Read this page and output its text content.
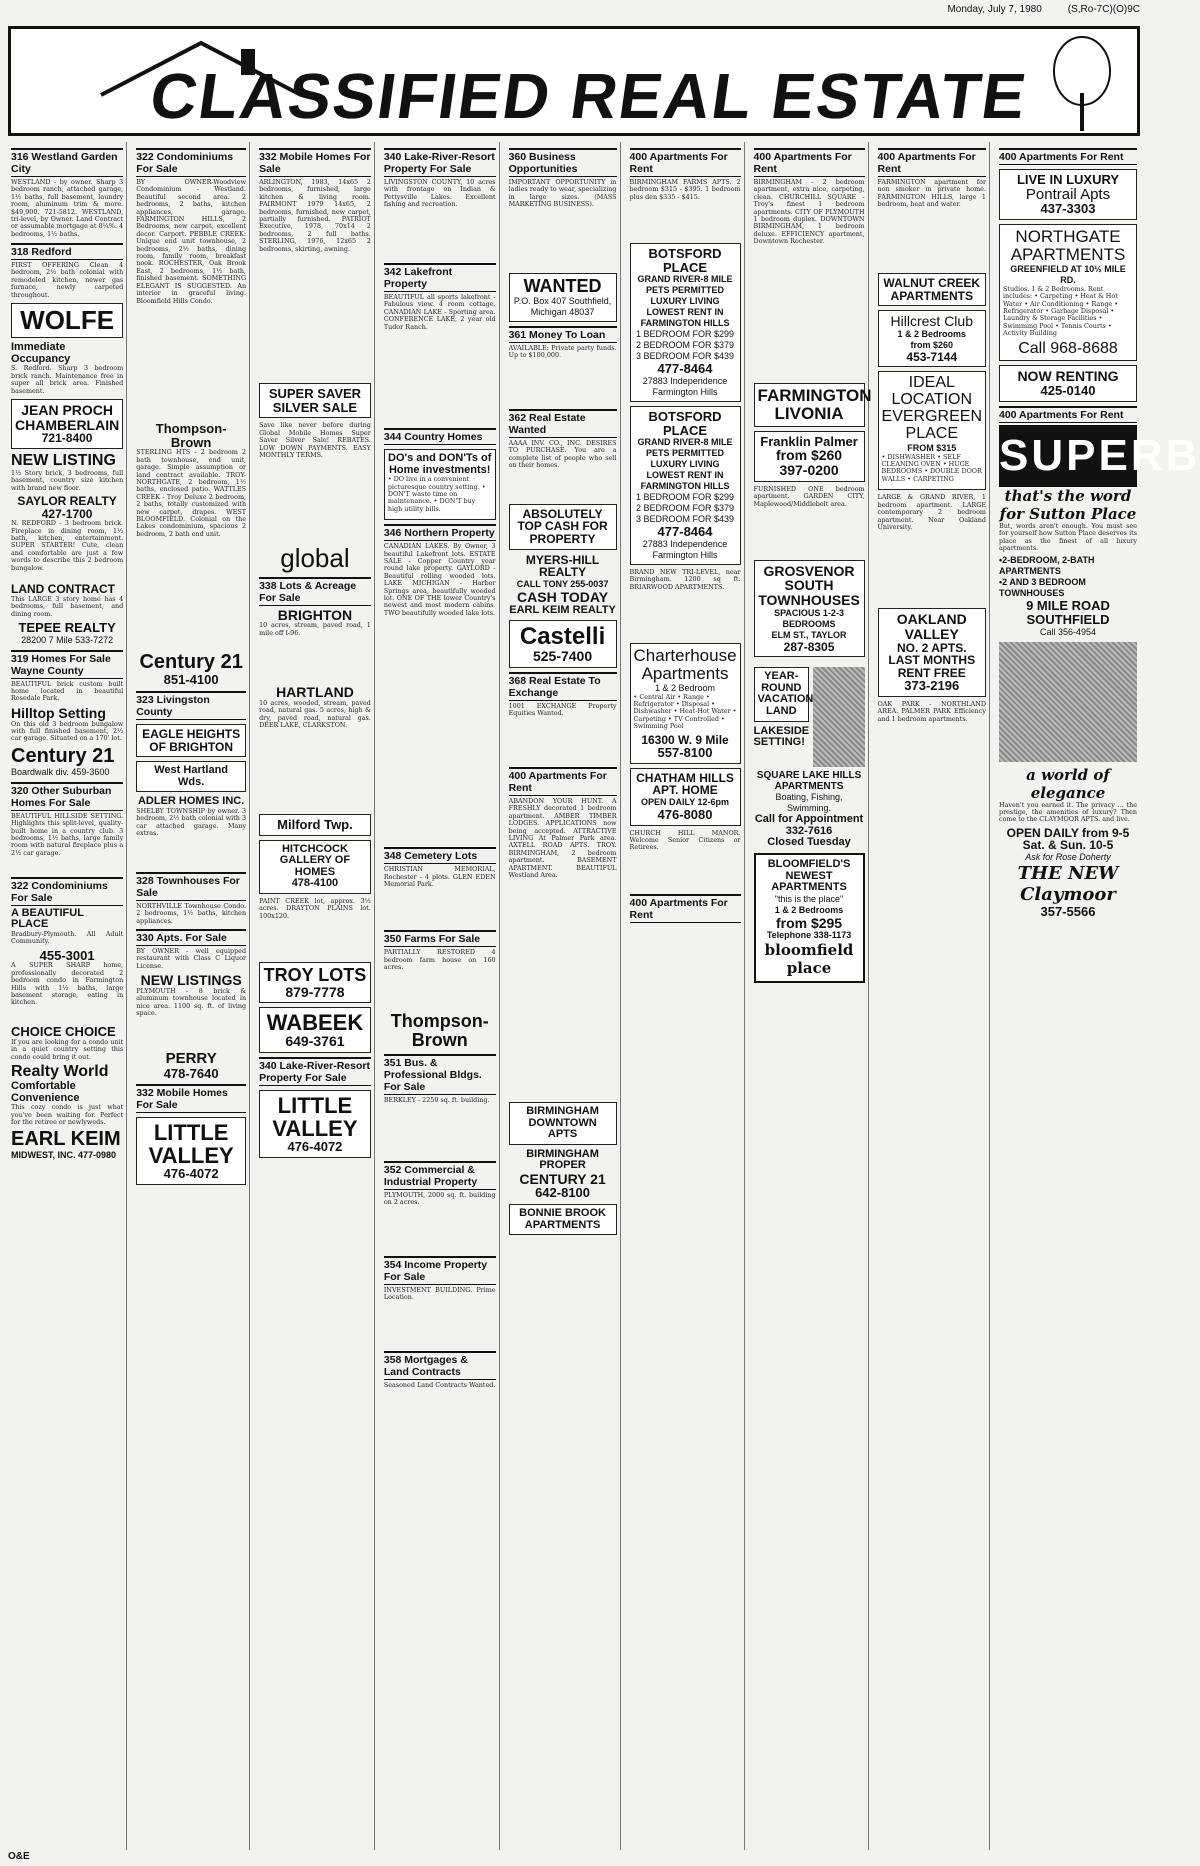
Monday, July 7, 1980	(S,Ro-7C)(O)9C
CLASSIFIED REAL ESTATE
316 Westland Garden City
WESTLAND - by owner. Sharp 3 bedroom ranch, attached garage, 1½ baths, full basement, laundry room, aluminum trim & more. $49,900. 721-5812. WESTLAND, tri-level, by Owner. Land Contract or assumable mortgage at 8¼%. 4 bedrooms, 1½ baths.
318 Redford
FIRST OFFERING Clean 4 bedroom, 2½ bath colonial with remodeled kitchen, newer gas furnace, newly carpeted throughout.
WOLFE
Immediate Occupancy
S. Redford. Sharp 3 bedroom brick ranch. Maintenance free in super all brick area. Finished basement.
JEAN PROCH CHAMBERLAIN
721-8400
NEW LISTING
1½ Story brick, 3 bedrooms, full basement, country size kitchen with brand new floor.
SAYLOR REALTY
427-1700
N. REDFORD - 3 bedroom brick. Fireplace in dining room, 1½ bath, kitchen, entertainment. SUPER STARTER! Cute, clean and comfortable are just a few words to describe this 2 bedroom bungalow.
LAND CONTRACT
This LARGE 3 story home has 4 bedrooms, full basement, and dining room.
TEPEE REALTY
28200 7 Mile 533-7272
319 Homes For Sale Wayne County
BEAUTIFUL brick custom built home located in beautiful Rosedale Park.
Hilltop Setting
On this old 3 bedroom bungalow with full finished basement, 2½ car garage. Situated on a 170' lot.
Century 21
Boardwalk div. 459-3600
320 Other Suburban Homes For Sale
BEAUTIFUL HILLSIDE SETTING. Highlights this split-level, quality-built home in a country club. 3 bedrooms, 1½ baths, large family room with natural fireplace plus a 2½ car garage.
322 Condominiums For Sale
A BEAUTIFUL PLACE
Bradbury-Plymouth. All Adult Community.
455-3001
A SUPER SHARP home, professionally decorated 2 bedroom condo in Farmington Hills with 1½ baths, large basement storage, eating in kitchen.
CHOICE CHOICE
If you are looking for a condo unit in a quiet country setting this condo could bring it out.
Realty World
Comfortable Convenience
This cozy condo is just what you've been waiting for. Perfect for the retiree or newlyweds.
EARL KEIM
MIDWEST, INC. 477-0980
322 Condominiums For Sale
BY OWNER-Woodview Condominium - Westland. Beautiful second area. 2 bedrooms, 2 baths, kitchen appliances, garage. FARMINGTON HILLS, 2 Bedrooms, new carpet, excellent decor. Carport. PEBBLE CREEK: Unique end unit townhouse, 2 bedrooms, 2½ baths, dining room, family room, breakfast nook. ROCHESTER, Oak Brook East, 2 bedrooms, 1½ bath, finished basement. SOMETHING ELEGANT IS SUGGESTED. An interior in graceful living. Bloomfield Hills Condo.
Thompson-Brown
STERLING HTS - 2 bedroom 2 bath townhouse, end unit, garage. Simple assumption or land contract available. TROY-NORTHGATE, 2 bedroom, 1½ baths, enclosed patio. WATTLES CREEK - Troy Deluxe 2 bedroom, 2 baths, totally customized with new carpet, drapes. WEST BLOOMFIELD. Colonial on the Lakes condominium, spacious 2 bedroom, 2 bath end unit.
Century 21
851-4100
323 Livingston County
EAGLE HEIGHTS OF BRIGHTON
West Hartland Wds.
ADLER HOMES INC.
SHELBY TOWNSHIP by owner. 3 bedroom, 2½ bath colonial with 3 car attached garage. Many extras.
328 Townhouses For Sale
NORTHVILLE Townhouse Condo. 2 bedrooms, 1½ baths, kitchen appliances.
330 Apts. For Sale
BY OWNER - well equipped restaurant with Class C Liquor License.
NEW LISTINGS
PLYMOUTH - 8 brick & aluminum townhouse located in nice area. 1100 sq. ft. of living space.
PERRY
478-7640
332 Mobile Homes For Sale
LITTLE VALLEY
476-4072
332 Mobile Homes For Sale
ARLINGTON, 1983, 14x65 2 bedrooms, furnished, large kitchen & living room. FAIRMONT 1979 14x65, 2 bedrooms, furnished, new carpet, partially furnished. PATRIOT Executive, 1978, 70x14 2 bedrooms, 2 full baths. STERLING, 1976, 12x65 2 bedrooms, skirting, awning.
SUPER SAVER SILVER SALE
Save like never before during Global Mobile Homes Super Saver Silver Sale! REBATES. LOW DOWN PAYMENTS. EASY MONTHLY TERMS.
global
338 Lots & Acreage For Sale
BRIGHTON
10 acres, stream, paved road, 1 mile off I-96.
HARTLAND
10 acres, wooded, stream, paved road, natural gas. 5 acres, high & dry, paved road, natural gas. DEER LAKE, CLARKSTON.
Milford Twp.
HITCHCOCK GALLERY OF HOMES
478-4100
PAINT CREEK lot, approx. 3½ acres. DRAYTON PLAINS lot. 100x120.
TROY LOTS
879-7778
WABEEK
649-3761
340 Lake-River-Resort Property For Sale
LITTLE VALLEY
476-4072
340 Lake-River-Resort Property For Sale
LIVINGSTON COUNTY, 10 acres with frontage on Indian & Pettysville Lakes. Excellent fishing and recreation.
342 Lakefront Property
BEAUTIFUL all sports lakefront - Fabulous view. 4 room cottage. CANADIAN LAKE - Sporting area. CONFERENCE LAKE, 2 year old Tudor Ranch.
344 Country Homes
DO's and DON'Ts of Home investments!
• DO live in a convenient picturesque country setting. • DON'T waste time on maintenance. • DON'T buy high utility bills.
346 Northern Property
CANADIAN LAKES. By Owner, 3 beautiful Lakefront lots. ESTATE SALE - Copper Country year round lake property. GAYLORD - Beautiful rolling wooded lots. LAKE MICHIGAN - Harbor Springs area, beautifully wooded lot. ONE OF THE lower Country's newest and most modern cabins. TWO beautifully wooded lake lots.
348 Cemetery Lots
CHRISTIAN MEMORIAL, Rochester - 4 plots. GLEN EDEN Memorial Park.
350 Farms For Sale
PARTIALLY RESTORED 4 bedroom farm house on 160 acres.
Thompson-Brown
351 Bus. & Professional Bldgs. For Sale
BERKLEY - 2250 sq. ft. building.
352 Commercial & Industrial Property
PLYMOUTH, 2000 sq. ft. building on 2 acres.
354 Income Property For Sale
INVESTMENT BUILDING. Prime Location.
358 Mortgages & Land Contracts
Seasoned Land Contracts Wanted.
360 Business Opportunities
IMPORTANT OPPORTUNITY in ladies ready to wear, specializing in large sizes. (MASS MARKETING BUSINESS).
WANTED
P.O. Box 407 Southfield, Michigan 48037
361 Money To Loan
AVAILABLE: Private party funds. Up to $100,000.
362 Real Estate Wanted
AAAA INV. CO., INC. DESIRES TO PURCHASE. You are a complete list of people who sell on their homes.
ABSOLUTELY TOP CASH FOR PROPERTY
MYERS-HILL REALTY
CALL TONY 255-0037
CASH TODAY
EARL KEIM REALTY
Castelli
525-7400
368 Real Estate To Exchange
1001 EXCHANGE Property Equities Wanted.
400 Apartments For Rent
ABANDON YOUR HUNT. A FRESHLY decorated 1 bedroom apartment. AMBER TIMBER LODGES. APPLICATIONS now being accepted. ATTRACTIVE LIVING At Palmer Park area. AXTELL ROAD APTS. TROY. BIRMINGHAM, 2 bedroom apartment. BASEMENT APARTMENT. BEAUTIFUL Westland Area.
BIRMINGHAM DOWNTOWN APTS
BIRMINGHAM PROPER
CENTURY 21
642-8100
BONNIE BROOK APARTMENTS
400 Apartments For Rent
BIRMINGHAM FARMS APTS. 2 bedroom $315 - $395. 1 bedroom plus den $335 - $415.
BOTSFORD PLACE
GRAND RIVER-8 MILE
PETS PERMITTED LUXURY LIVING LOWEST RENT IN FARMINGTON HILLS
1 BEDROOM FOR $299
2 BEDROOM FOR $379
3 BEDROOM FOR $439
477-8464
27883 Independence Farmington Hills
BOTSFORD PLACE
GRAND RIVER-8 MILE
PETS PERMITTED LUXURY LIVING LOWEST RENT IN FARMINGTON HILLS
1 BEDROOM FOR $299
2 BEDROOM FOR $379
3 BEDROOM FOR $439
477-8464
27883 Independence Farmington Hills
BRAND NEW TRI-LEVEL, near Birmingham. 1200 sq ft. BRIARWOOD APARTMENTS.
Charterhouse Apartments
1 & 2 Bedroom
• Central Air • Range • Refrigerator • Disposal • Dishwasher • Heat-Hot Water • Carpeting • TV Controlled • Swimming Pool
16300 W. 9 Mile
557-8100
CHATHAM HILLS APT. HOME
OPEN DAILY 12-6pm
476-8080
CHURCH HILL MANOR. Welcome Senior Citizens or Retirees.
400 Apartments For Rent
400 Apartments For Rent
BIRMINGHAM - 2 bedroom apartment, extra nice, carpeting, clean. CHURCHILL SQUARE - Troy's finest 1 bedroom apartments. CITY OF PLYMOUTH 1 bedroom duplex. DOWNTOWN BIRMINGHAM, 1 bedroom deluxe. EFFICIENCY apartment, Downtown Rochester.
FARMINGTON LIVONIA
Franklin Palmer
from $260
397-0200
FURNISHED ONE bedroom apartment. GARDEN CITY, Maplewood/Middlebelt area.
GROSVENOR SOUTH TOWNHOUSES
SPACIOUS 1-2-3 BEDROOMS
ELM ST., TAYLOR
287-8305
YEAR-ROUND VACATION LAND
LAKESIDE SETTING!
SQUARE LAKE HILLS APARTMENTS
Boating, Fishing, Swimming.
Call for Appointment
332-7616
Closed Tuesday
BLOOMFIELD'S NEWEST APARTMENTS
"this is the place"
1 & 2 Bedrooms
from $295
Telephone 338-1173
bloomfield place
400 Apartments For Rent
FARMINGTON apartment for non smoker in private home. FARMINGTON HILLS, large 1 bedroom, heat and water.
WALNUT CREEK APARTMENTS
Hillcrest Club
1 & 2 Bedrooms
from $260
453-7144
IDEAL LOCATION
EVERGREEN PLACE
FROM $315
• DISHWASHER • SELF CLEANING OVEN • HUGE BEDROOMS • DOUBLE DOOR WALLS • CARPETING
LARGE & GRAND RIVER, 1 bedroom apartment. LARGE contemporary 2 bedroom apartment. Near Oakland University.
OAKLAND VALLEY
NO. 2 APTS.
LAST MONTHS RENT FREE
373-2196
OAK PARK - NORTHLAND AREA. PALMER PARK Efficiency and 1 bedroom apartments.
400 Apartments For Rent
LIVE IN LUXURY
Pontrail Apts
437-3303
NORTHGATE APARTMENTS
GREENFIELD AT 10½ MILE RD.
Studios. 1 & 2 Bedrooms. Rent includes: • Carpeting • Heat & Hot Water • Air Conditioning • Range • Refrigerator • Garbage Disposal • Laundry & Storage Facilities • Swimming Pool • Tennis Courts • Activity Building
Call 968-8688
NOW RENTING
425-0140
400 Apartments For Rent
SUPERB
that's the word for Sutton Place
But, words aren't enough. You must see for yourself how Sutton Place deserves its place as the finest of all luxury apartments.
•2-BEDROOM, 2-BATH APARTMENTS
•2 AND 3 BEDROOM TOWNHOUSES
9 MILE ROAD
SOUTHFIELD
Call 356-4954
a world of elegance
Haven't you earned it. The privacy ... the prestige, the amenities of luxury? Then come to the CLAYMOOR APTS. and live.
OPEN DAILY from 9-5
Sat. & Sun. 10-5
Ask for Rose Doherty
THE NEW Claymoor
357-5566
O&E
